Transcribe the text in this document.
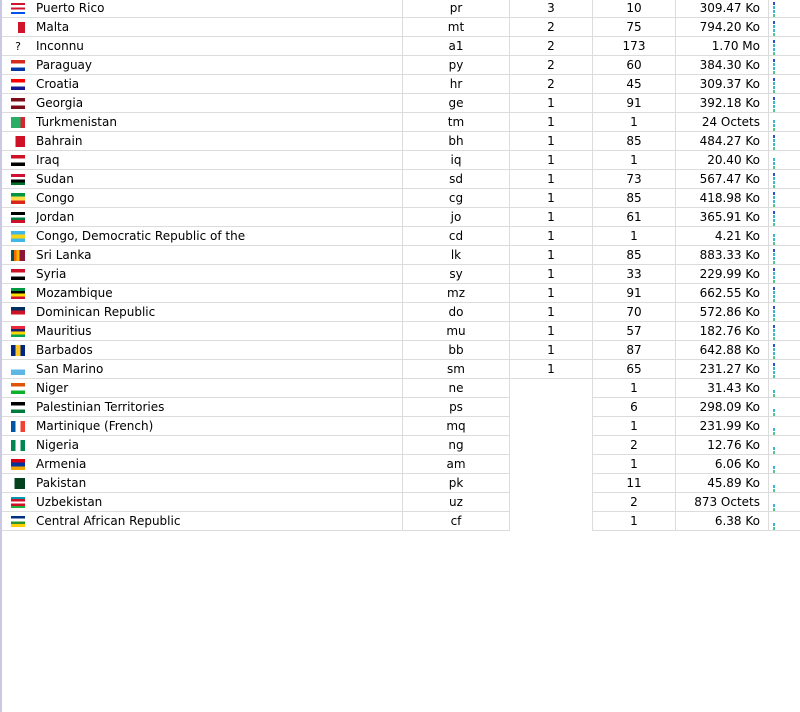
	Puerto Rico	pr	3	10	309.47 Ko	

	Malta	mt	2	75	794.20 Ko	

?	Inconnu	a1	2	173	1.70 Mo	

	Paraguay	py	2	60	384.30 Ko	

	Croatia	hr	2	45	309.37 Ko	

	Georgia	ge	1	91	392.18 Ko	

	Turkmenistan	tm	1	1	24 Octets	

	Bahrain	bh	1	85	484.27 Ko	

	Iraq	iq	1	1	20.40 Ko	

	Sudan	sd	1	73	567.47 Ko	

	Congo	cg	1	85	418.98 Ko	

	Jordan	jo	1	61	365.91 Ko	

	Congo, Democratic Republic of the	cd	1	1	4.21 Ko	

	Sri Lanka	lk	1	85	883.33 Ko	

	Syria	sy	1	33	229.99 Ko	

	Mozambique	mz	1	91	662.55 Ko	

	Dominican Republic	do	1	70	572.86 Ko	

	Mauritius	mu	1	57	182.76 Ko	

	Barbados	bb	1	87	642.88 Ko	

	San Marino	sm	1	65	231.27 Ko	

	Niger	ne		1	31.43 Ko	

	Palestinian Territories	ps		6	298.09 Ko	

	Martinique (French)	mq		1	231.99 Ko	

	Nigeria	ng		2	12.76 Ko	

	Armenia	am		1	6.06 Ko	

	Pakistan	pk		11	45.89 Ko	

	Uzbekistan	uz		2	873 Octets	

	Central African Republic	cf		1	6.38 Ko	
